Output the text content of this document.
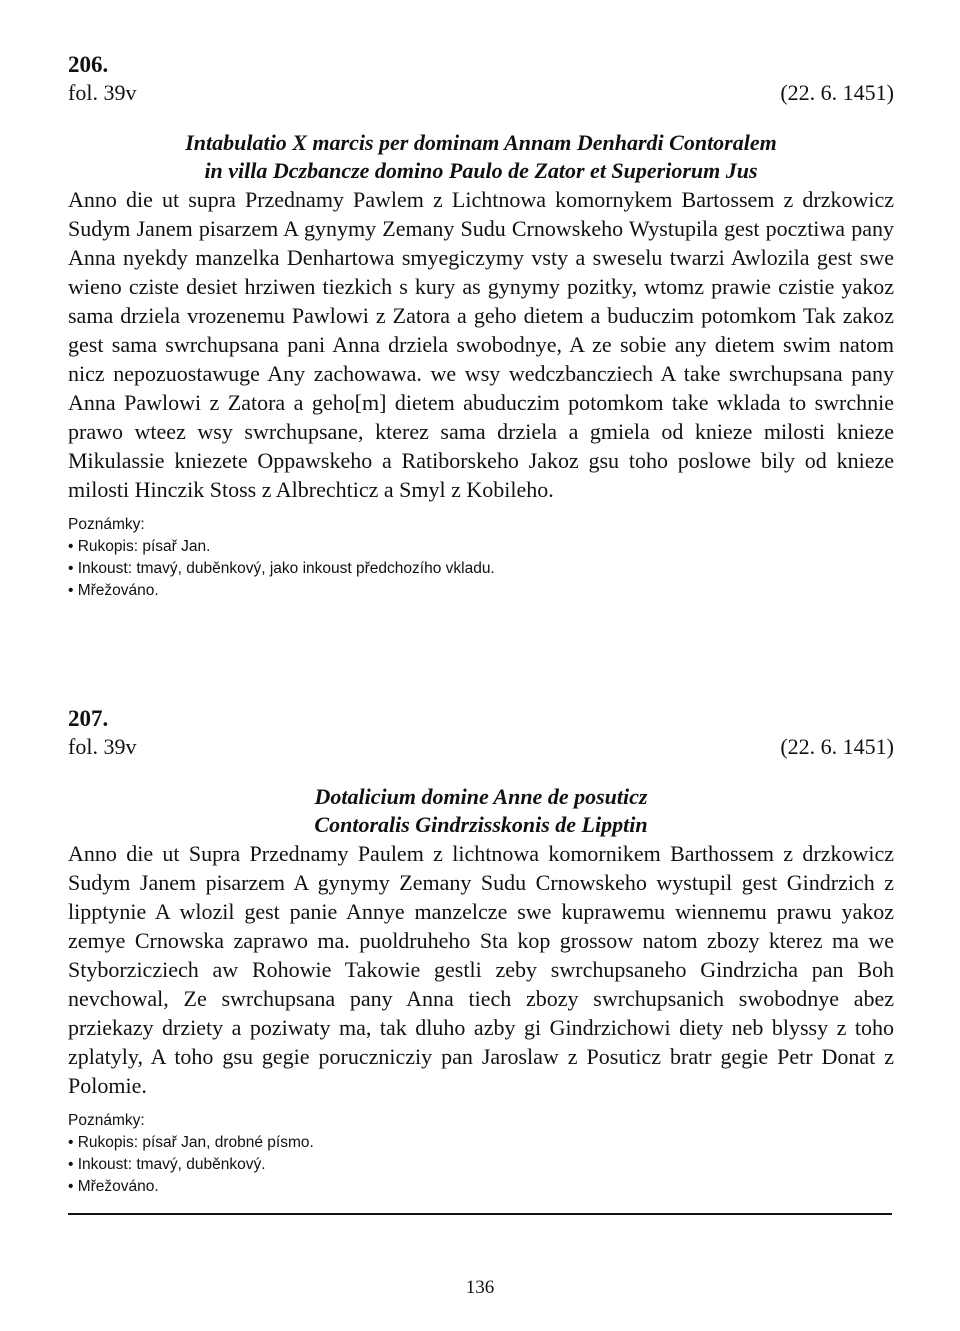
206.
fol. 39v	(22. 6. 1451)
Intabulatio X marcis per dominam Annam Denhardi Contoralem
in villa Dczbancze domino Paulo de Zator et Superiorum Jus
Anno die ut supra Przednamy Pawlem z Lichtnowa komornykem Bartossem z drzkowicz Sudym Janem pisarzem A gynymy Zemany Sudu Crnowskeho Wystupila gest pocztiwa pany Anna nyekdy manzelka Denhartowa smyegiczymy vsty a sweselu twarzi Awlozila gest swe wieno cziste desiet hrziwen tiezkich s kury as gynymy pozitky, wtomz prawie czistie yakoz sama drziela vrozenemu Pawlowi z Zatora a geho dietem a buduczim potomkom Tak zakoz gest sama swrchupsana pani Anna drziela swobodnye, A ze sobie any dietem swim natom nicz nepozuostawuge Any zachowawa. we wsy wedczbancziech A take swrchupsana pany Anna Pawlowi z Zatora a geho[m] dietem abuduczim potomkom take wklada to swrchnie prawo wteez wsy swrchupsane, kterez sama drziela a gmiela od knieze milosti knieze Mikulassie kniezete Oppawskeho a Ratiborskeho Jakoz gsu toho poslowe bily od knieze milosti Hinczik Stoss z Albrechticz a Smyl z Kobileho.
Poznámky:
• Rukopis: písař Jan.
• Inkoust: tmavý, duběnkový, jako inkoust předchozího vkladu.
• Mřežováno.
207.
fol. 39v	(22. 6. 1451)
Dotalicium domine Anne de posuticz
Contoralis Gindrzisskonis de Lipptin
Anno die ut Supra Przednamy Paulem z lichtnowa komornikem Barthossem z drzkowicz Sudym Janem pisarzem A gynymy Zemany Sudu Crnowskeho wystupil gest Gindrzich z lipptynie A wlozil gest panie Annye manzelcze swe kuprawemu wiennemu prawu yakoz zemye Crnowska zaprawo ma. puoldruheho Sta kop grossow natom zbozy kterez ma we Styborzicziech aw Rohowie Takowie gestli zeby swrchupsaneho Gindrzicha pan Boh nevchowal, Ze swrchupsana pany Anna tiech zbozy swrchupsanich swobodnye abez prziekazy drziety a poziwaty ma, tak dluho azby gi Gindrzichowi diety neb blyssy z toho zplatyly, A toho gsu gegie porucznicziy pan Jaroslaw z Posuticz bratr gegie Petr Donat z Polomie.
Poznámky:
• Rukopis: písař Jan, drobné písmo.
• Inkoust: tmavý, duběnkový.
• Mřežováno.
136
